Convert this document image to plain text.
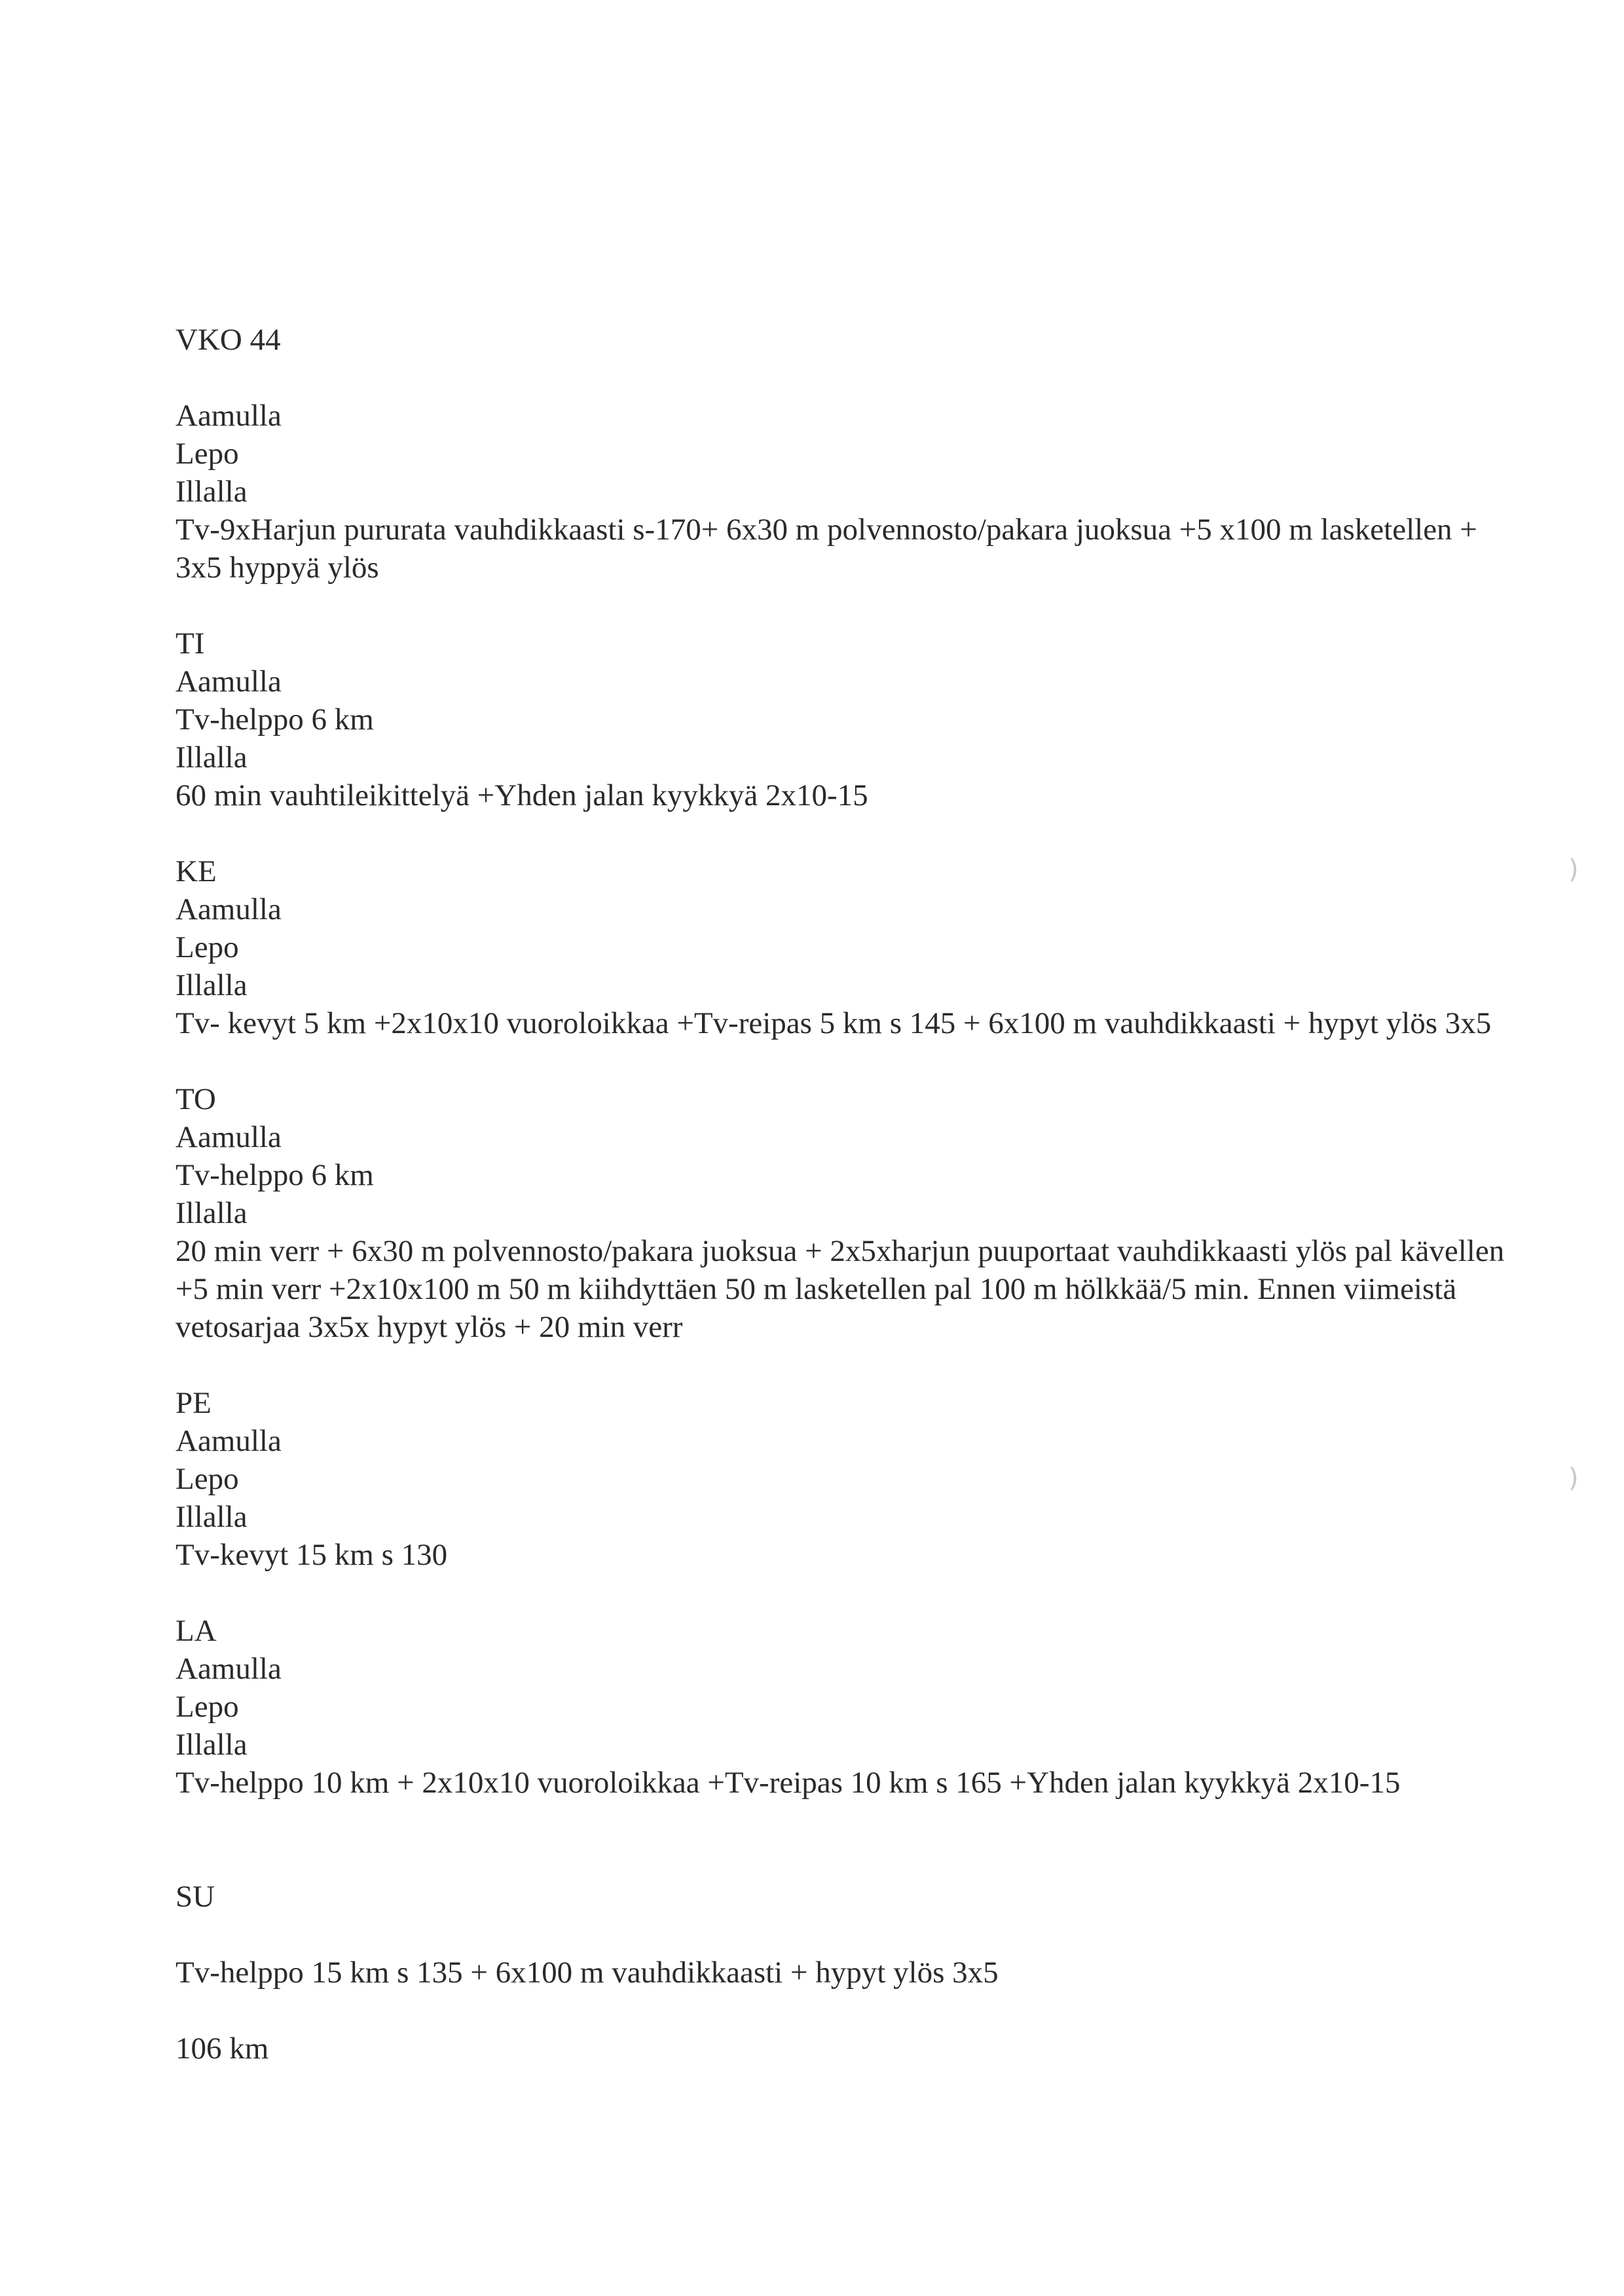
)
)
VKO 44
Aamulla
Lepo
Illalla
Tv-9xHarjun pururata vauhdikkaasti s-170+ 6x30 m polvennosto/pakara juoksua +5 x100 m lasketellen + 3x5 hyppyä ylös
TI
Aamulla
Tv-helppo 6 km
Illalla
60 min vauhtileikittelyä +Yhden jalan kyykkyä 2x10-15
KE
Aamulla
Lepo
Illalla
Tv- kevyt 5 km +2x10x10 vuoroloikkaa +Tv-reipas 5 km s 145 + 6x100 m vauhdikkaasti + hypyt ylös 3x5
TO
Aamulla
Tv-helppo 6 km
Illalla
20 min verr + 6x30 m polvennosto/pakara juoksua + 2x5xharjun puuportaat vauhdikkaasti ylös pal kävellen +5 min verr +2x10x100 m 50 m kiihdyttäen 50 m lasketellen pal 100 m hölkkää/5 min. Ennen viimeistä vetosarjaa 3x5x hypyt ylös + 20 min verr
PE
Aamulla
Lepo
Illalla
Tv-kevyt 15 km s 130
LA
Aamulla
Lepo
Illalla
Tv-helppo 10 km + 2x10x10 vuoroloikkaa +Tv-reipas 10 km s 165 +Yhden jalan kyykkyä 2x10-15
SU
Tv-helppo 15 km s 135 + 6x100 m vauhdikkaasti + hypyt ylös 3x5
106 km
